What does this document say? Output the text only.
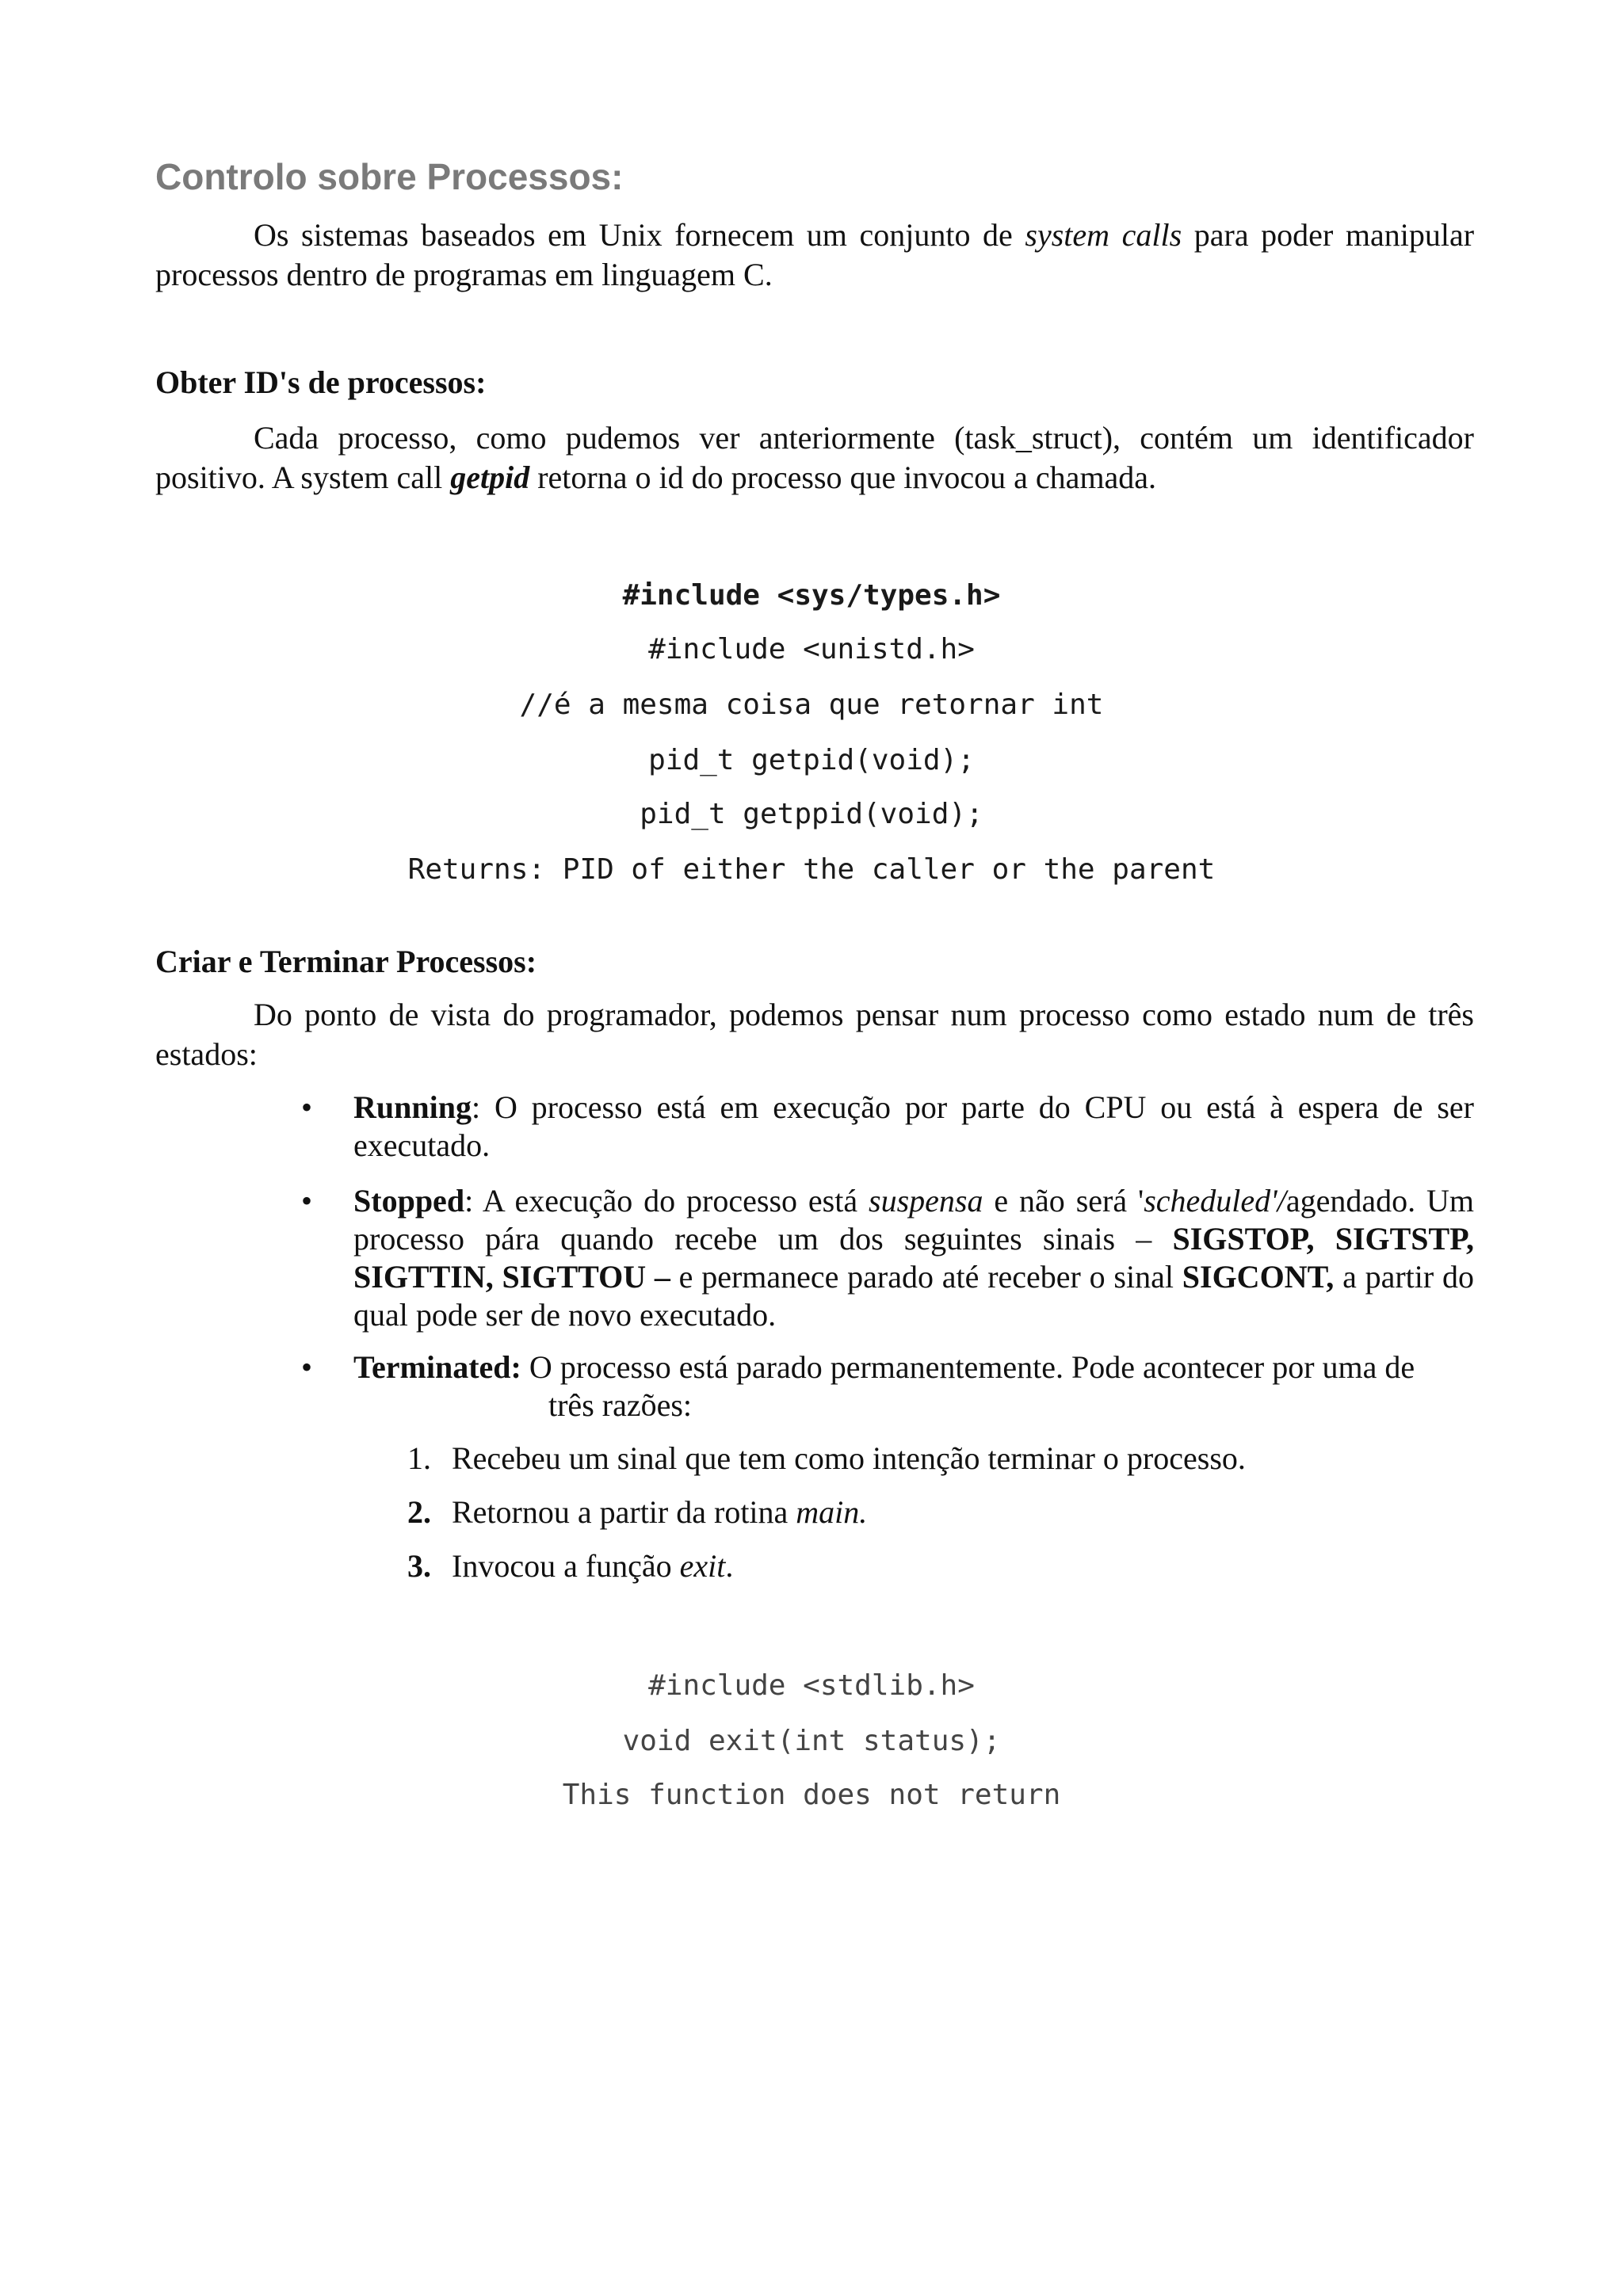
Controlo sobre Processos:
Os sistemas baseados em Unix fornecem um conjunto de system calls para poder manipular processos dentro de programas em linguagem C.
Obter ID's de processos:
Cada processo, como pudemos ver anteriormente (task_struct), contém um identificador positivo. A system call getpid retorna o id do processo que invocou a chamada.
#include <sys/types.h>
#include <unistd.h>
//é a mesma coisa que retornar int
pid_t getpid(void);
pid_t getppid(void);
Returns: PID of either the caller or the parent
Criar e Terminar Processos:
Do ponto de vista do programador, podemos pensar num processo como estado num de três estados:
• Running: O processo está em execução por parte do CPU ou está à espera de ser executado.
• Stopped: A execução do processo está suspensa e não será 'scheduled'/agendado. Um processo pára quando recebe um dos seguintes sinais – SIGSTOP, SIGTSTP, SIGTTIN, SIGTTOU – e permanece parado até receber o sinal SIGCONT, a partir do qual pode ser de novo executado.
• Terminated: O processo está parado permanentemente. Pode acontecer por uma de
três razões:
1. Recebeu um sinal que tem como intenção terminar o processo.
2. Retornou a partir da rotina main.
3. Invocou a função exit.
#include <stdlib.h>
void exit(int status);
This function does not return
